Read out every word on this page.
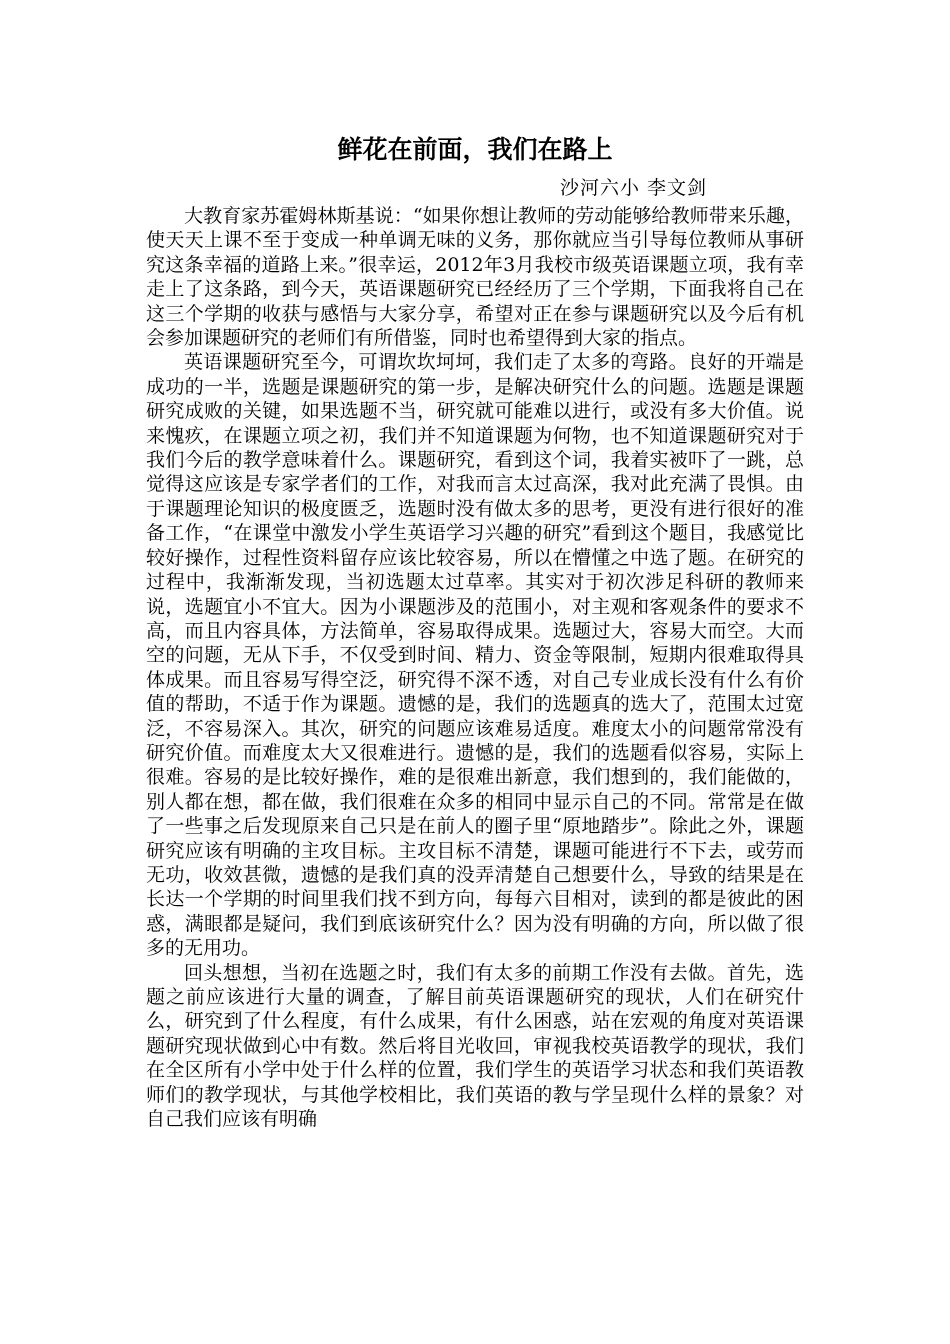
鲜花在前面，我们在路上
沙河六小 李文剑

大教育家苏霍姆林斯基说：“如果你想让教师的劳动能够给教师带来乐趣，使天天上课不至于变成一种单调无味的义务，那你就应当引导每位教师从事研究这条幸福的道路上来。”很幸运，2012年3月我校市级英语课题立项，我有幸走上了这条路，到今天，英语课题研究已经经历了三个学期，下面我将自己在这三个学期的收获与感悟与大家分享，希望对正在参与课题研究以及今后有机会参加课题研究的老师们有所借鉴，同时也希望得到大家的指点。

英语课题研究至今，可谓坎坎坷坷，我们走了太多的弯路。良好的开端是成功的一半，选题是课题研究的第一步，是解决研究什么的问题。选题是课题研究成败的关键，如果选题不当，研究就可能难以进行，或没有多大价值。说来愧疚，在课题立项之初，我们并不知道课题为何物，也不知道课题研究对于我们今后的教学意味着什么。课题研究，看到这个词，我着实被吓了一跳，总觉得这应该是专家学者们的工作，对我而言太过高深，我对此充满了畏惧。由于课题理论知识的极度匮乏，选题时没有做太多的思考，更没有进行很好的准备工作，“在课堂中激发小学生英语学习兴趣的研究”看到这个题目，我感觉比较好操作，过程性资料留存应该比较容易，所以在懵懂之中选了题。在研究的过程中，我渐渐发现，当初选题太过草率。其实对于初次涉足科研的教师来说，选题宜小不宜大。因为小课题涉及的范围小，对主观和客观条件的要求不高，而且内容具体，方法简单，容易取得成果。选题过大，容易大而空。大而空的问题，无从下手，不仅受到时间、精力、资金等限制，短期内很难取得具体成果。而且容易写得空泛，研究得不深不透，对自己专业成长没有什么有价值的帮助，不适于作为课题。遗憾的是，我们的选题真的选大了，范围太过宽泛，不容易深入。其次，研究的问题应该难易适度。难度太小的问题常常没有研究价值。而难度太大又很难进行。遗憾的是，我们的选题看似容易，实际上很难。容易的是比较好操作，难的是很难出新意，我们想到的，我们能做的，别人都在想，都在做，我们很难在众多的相同中显示自己的不同。常常是在做了一些事之后发现原来自己只是在前人的圈子里“原地踏步”。除此之外，课题研究应该有明确的主攻目标。主攻目标不清楚，课题可能进行不下去，或劳而无功，收效甚微，遗憾的是我们真的没弄清楚自己想要什么，导致的结果是在长达一个学期的时间里我们找不到方向，每每六目相对，读到的都是彼此的困惑，满眼都是疑问，我们到底该研究什么？因为没有明确的方向，所以做了很多的无用功。

回头想想，当初在选题之时，我们有太多的前期工作没有去做。首先，选题之前应该进行大量的调查，了解目前英语课题研究的现状，人们在研究什么，研究到了什么程度，有什么成果，有什么困惑，站在宏观的角度对英语课题研究现状做到心中有数。然后将目光收回，审视我校英语教学的现状，我们在全区所有小学中处于什么样的位置，我们学生的英语学习状态和我们英语教师们的教学现状，与其他学校相比，我们英语的教与学呈现什么样的景象？对自己我们应该有明确
